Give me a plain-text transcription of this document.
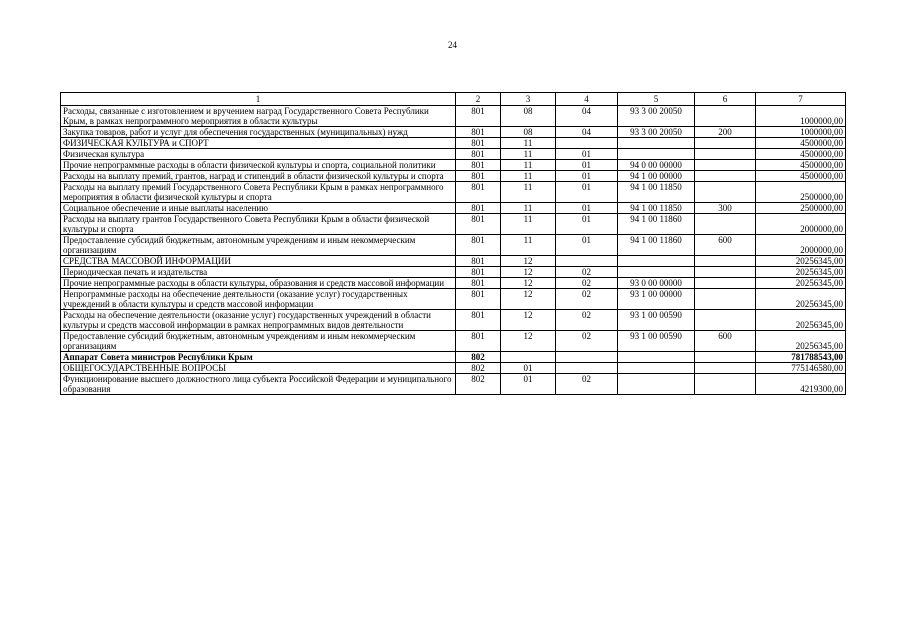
24
1	2	3	4	5	6	7
Расходы, связанные с изготовлением и вручением наград Государственного Совета Республики Крым, в рамках непрограммного мероприятия в области культуры	801	08	04	93 3 00 20050		1000000,00
Закупка товаров, работ и услуг для обеспечения государственных (муниципальных) нужд	801	08	04	93 3 00 20050	200	1000000,00
ФИЗИЧЕСКАЯ КУЛЬТУРА и СПОРТ	801	11				4500000,00
Физическая культура	801	11	01			4500000,00
Прочие непрограммные расходы в области физической культуры и спорта, социальной политики	801	11	01	94 0 00 00000		4500000,00
Расходы на выплату премий, грантов, наград и стипендий в области физической культуры и спорта	801	11	01	94 1 00 00000		4500000,00
Расходы на выплату премий Государственного Совета Республики Крым в рамках непрограммного мероприятия в области физической культуры и спорта	801	11	01	94 1 00 11850		2500000,00
Социальное обеспечение и иные выплаты населению	801	11	01	94 1 00 11850	300	2500000,00
Расходы на выплату грантов Государственного Совета Республики Крым в области физической культуры и спорта	801	11	01	94 1 00 11860		2000000,00
Предоставление субсидий бюджетным, автономным учреждениям и иным некоммерческим организациям	801	11	01	94 1 00 11860	600	2000000,00
СРЕДСТВА МАССОВОЙ ИНФОРМАЦИИ	801	12				20256345,00
Периодическая печать и издательства	801	12	02			20256345,00
Прочие непрограммные расходы в области культуры, образования и средств массовой информации	801	12	02	93 0 00 00000		20256345,00
Непрограммные расходы на обеспечение деятельности (оказание услуг) государственных учреждений в области культуры и средств массовой информации	801	12	02	93 1 00 00000		20256345,00
Расходы на обеспечение деятельности (оказание услуг) государственных учреждений в области культуры и средств массовой информации в рамках непрограммных видов деятельности	801	12	02	93 1 00 00590		20256345,00
Предоставление субсидий бюджетным, автономным учреждениям и иным некоммерческим организациям	801	12	02	93 1 00 00590	600	20256345,00
Аппарат Совета министров Республики Крым	802					781788543,00
ОБЩЕГОСУДАРСТВЕННЫЕ ВОПРОСЫ	802	01				775146580,00
Функционирование высшего должностного лица субъекта Российской Федерации и муниципального образования	802	01	02			4219300,00
